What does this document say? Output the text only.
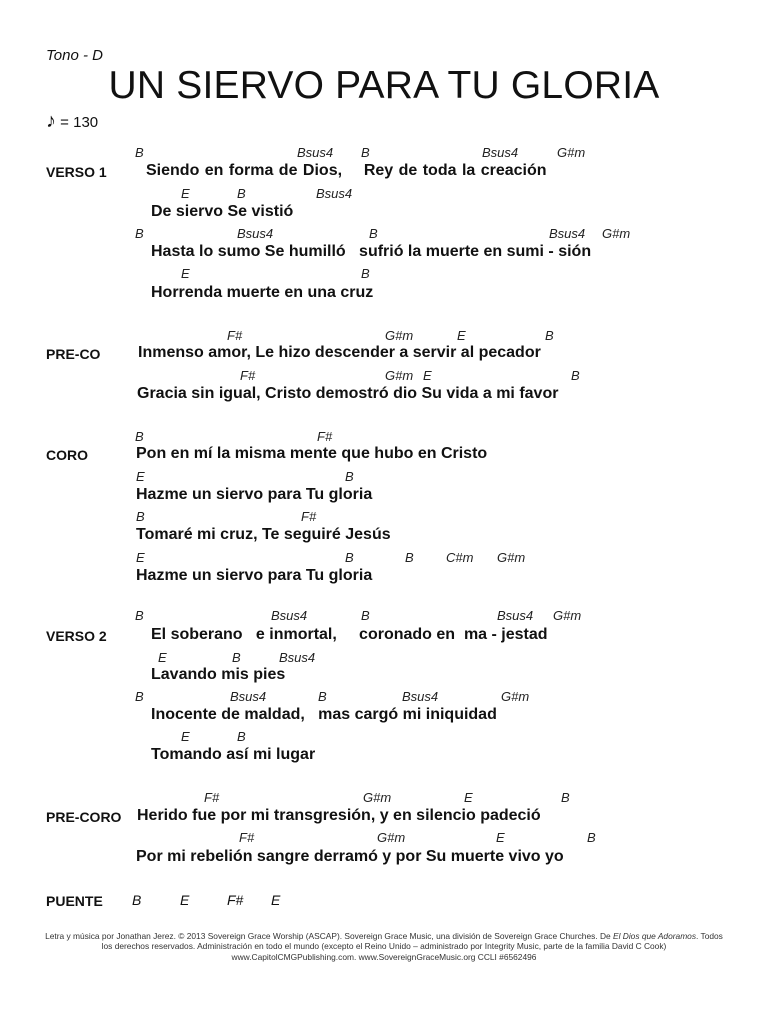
Tono - D
UN SIERVO PARA TU GLORIA
♪ = 130
B	Bsus4 B	Bsus4	G#m
VERSO 1 Siendo en forma de Dios,    Rey de toda la creación
E	B	Bsus4
De siervo Se vistió
B	Bsus4	B	Bsus4 G#m
Hasta lo sumo Se humilló   sufrió la muerte en sumi - sión
E	B
Horrenda muerte en una cruz
F#	G#m	E	B
PRE-CO Inmenso amor, Le hizo descender a servir al pecador
F#	G#m E	B
Gracia sin igual, Cristo demostró dio Su vida a mi favor
B	F#
CORO	Pon en mí la misma mente que hubo en Cristo
E	B
Hazme un siervo para Tu gloria
B	F#
Tomaré mi cruz, Te seguiré Jesús
E	B	B C#m G#m
Hazme un siervo para Tu gloria
B	Bsus4	B	Bsus4 G#m
VERSO 2	El soberano   e inmortal,     coronado en  ma - jestad
E	B	Bsus4
Lavando mis pies
B	Bsus4	B	Bsus4	G#m
Inocente de maldad,   mas cargó mi iniquidad
E	B
Tomando así mi lugar
F#	G#m	E	B
PRE-CORO Herido fue por mi transgresión, y en silencio padeció
F#	G#m	E	B
Por mi rebelión sangre derramó y por Su muerte vivo yo
PUENTE B	E	F# E
Letra y música por Jonathan Jerez. © 2013 Sovereign Grace Worship (ASCAP). Sovereign Grace Music, una división de Sovereign Grace Churches. De El Dios que Adoramos. Todos los derechos reservados. Administración en todo el mundo (excepto el Reino Unido – administrado por Integrity Music, parte de la familia David C Cook) www.CapitolCMGPublishing.com. www.SovereignGraceMusic.org CCLI #6562496
